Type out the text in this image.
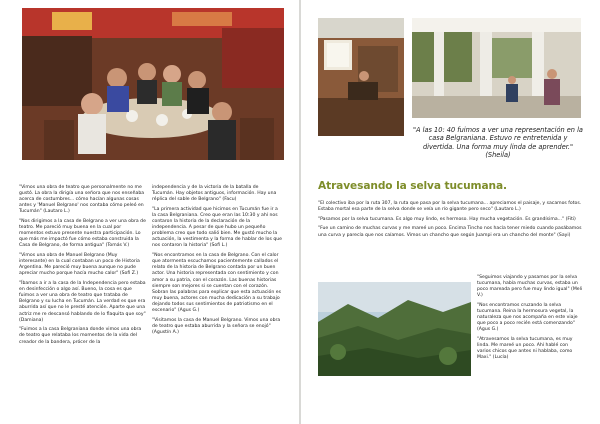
"Vimos una obra de teatro que personalmente no me gustó. La obra la dirigía una señora que nos enseñaba acerca de costumbres... cómo hacían algunas cosas antes y 'Manuel Belgrano' nos contaba cómo peleó en Tucumán" (Lautaro L.)

"Nos dirigimos a la casa de Belgrano a ver una obra de teatro. Me pareció muy buena en la cual por momentos estuvo presente nuestra participación. Lo que más me impactó fue cómo estaba construida la Casa de Belgrano, de forma antigua" (Tomás V.)

"Vimos una obra de Manuel Belgrano (Muy interesante) en la cual contaban un poco de Historia Argentina. Me pareció muy buena aunque no pude apreciar mucho porque hacía mucho calor" (Sofi Z.)

"Íbamos a ir a la casa de la Independencia pero estaba en desinfección o algo así. Bueno, la cosa es que fuimos a ver una obra de teatro que trataba de Belgrano y su lucha en Tucumán. La verdad es que era aburrida así que no le presté atención. Aparte que una actriz me re descansó hablando de lo flaquita que soy" (Damiana)

"Fuimos a la casa Belgraniana donde vimos una obra de teatro que relataba los momentos de la vida del creador de la bandera, prócer de la

independencia y de la victoria de la batalla de Tucumán. Hay objetos antiguos, información. Hay una réplica del sable de Belgrano" (Facu)

"La primera actividad que hicimos en Tucumán fue ir a la casa Belgraniana. Creo que eran las 10:30 y ahí nos contaron la historia de la declaración de la independencia. A pesar de que hubo un pequeño problema creo que todo salió bien. Me gustó mucho la actuación, la vestimenta y la forma de hablar de los que nos contaron la historia" (Sofi L.)

"Nos encontramos en la casa de Belgrano. Con el calor que atormenta escuchamos pacientemente callados el relato de la historia de Belgrano contada por un buen actor. Una historia representada con sentimiento y con amor a su patria, con el corazón. Las buenas historias siempre son mejores si se cuentan con el corazón. Sobran las palabras para explicar que esta actuación es muy buena, actores con mucha dedicación a su trabajo dejando todos sus sentimientos de patriotismo en el escenario" (Agus G.)

"Visitamos la casa de Manuel Belgrano. Vimos una obra de teatro que estaba aburrida y la señora se enojó" (Agustín A.)

"A las 10: 40 fuimos a ver una representación en la casa Belgraniana. Estuvo re entretenida y divertida. Una forma muy linda de aprender." (Sheila)
Atravesando la selva tucumana.

"El colectivo iba por la ruta 307, la ruta que pasa por la selva tucumana... apreciamos el paisaje, y sacamos fotos. Estaba mortal esa parte de la selva donde se veía un río gigante pero seco" (Lautaro L.)

"Pasamos por la selva tucumana. Es algo muy lindo, es hermoso. Hay mucha vegetación. Es grandísima..." (Fiti)

"Fue un camino de muchas curvas y me mareé un poco. Encima Tincho nos hacía tener miedo cuando pasábamos una curva y parecía que nos caíamos. Vimos un chancho que según Juampi era un chancho del monte" (Sayi)

"Seguimos viajando y pasamos por la selva tucumana, había muchas curvas, estaba un poco mareada pero fue muy lindo igual" (Meli V.)

"Nos encontramos cruzando la selva tucumana. Reina la hermosura vegetal, la naturaleza que nos acompaña en este viaje que poco a poco recién está comenzando" (Agus G.)

"Atravesamos la selva tucumana, es muy linda. Me mareé un poco. Ahí hablé con varios chicos que antes ni hablaba, como Maxi." (Lucía)
